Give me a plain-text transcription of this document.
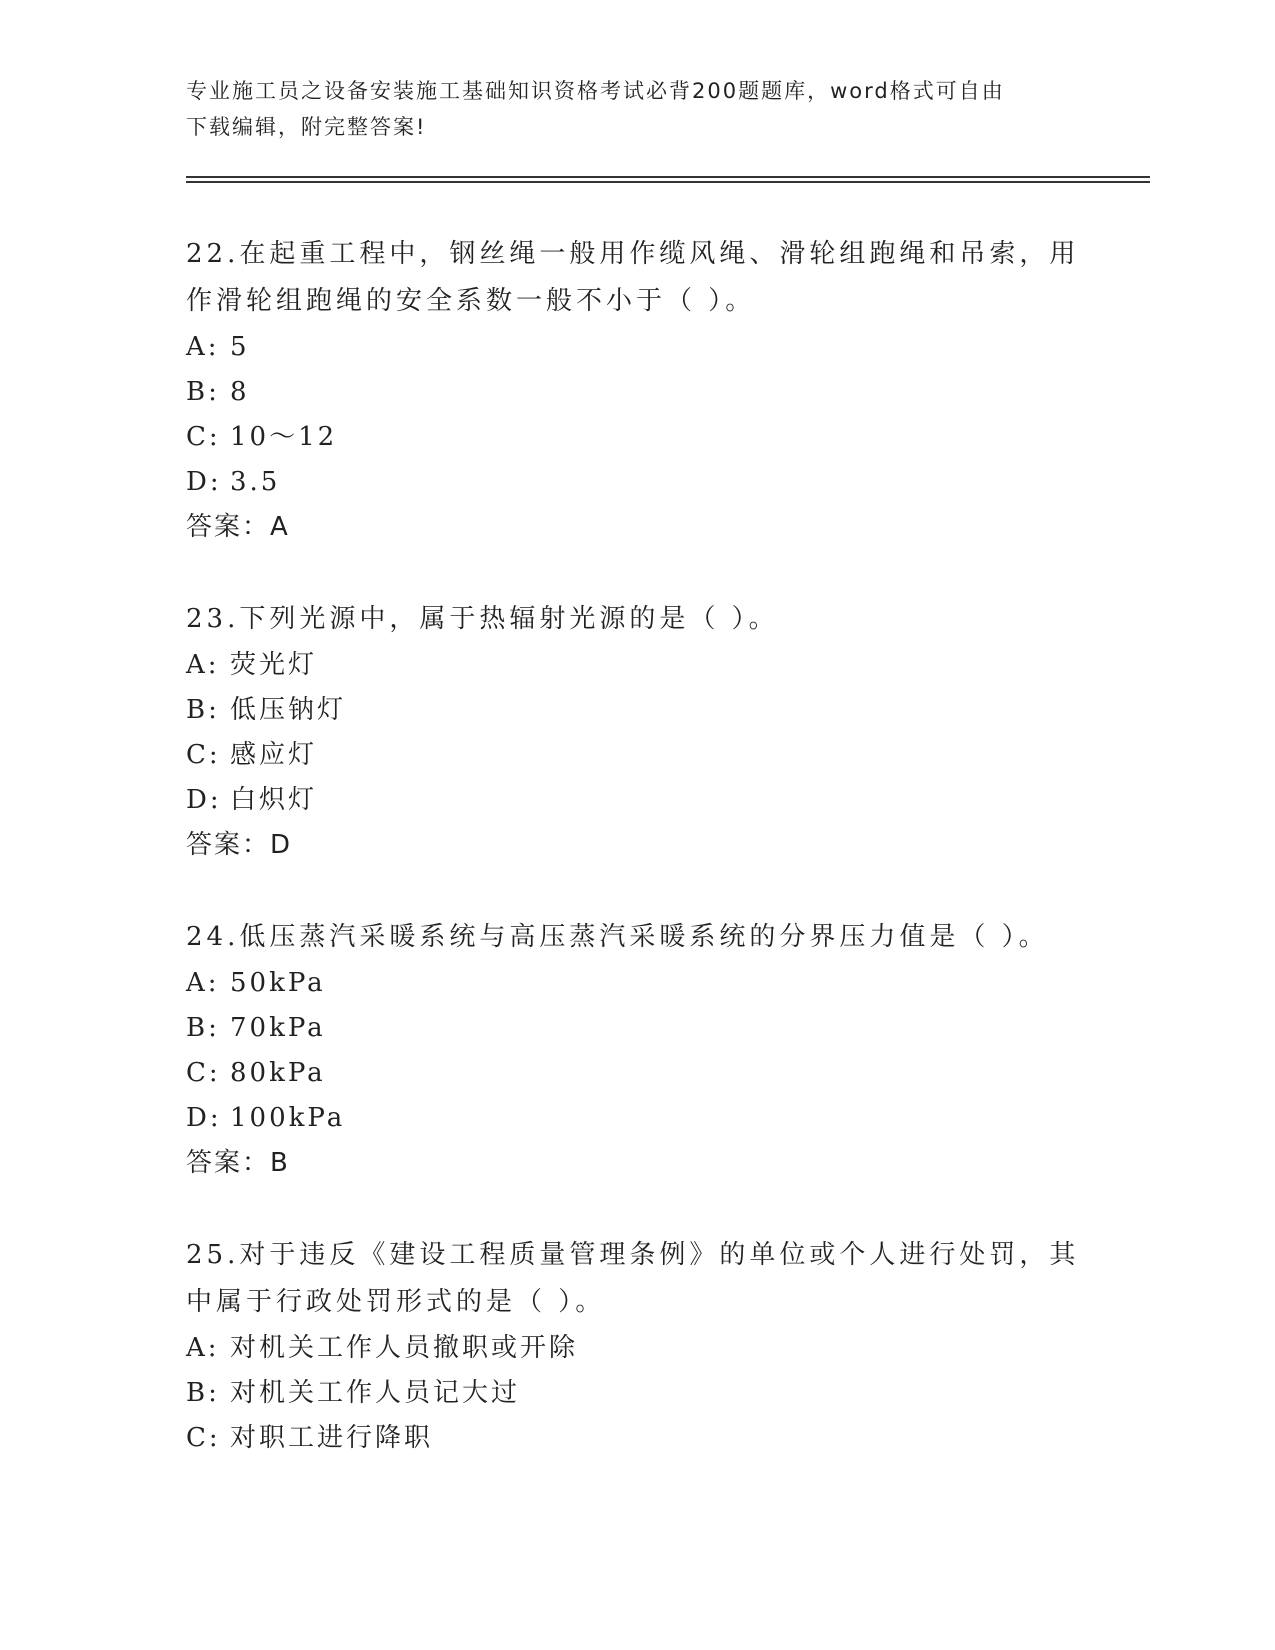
专业施工员之设备安装施工基础知识资格考试必背200题题库，word格式可自由
下载编辑，附完整答案!

22.在起重工程中，钢丝绳一般用作缆风绳、滑轮组跑绳和吊索，用作滑轮组跑绳的安全系数一般不小于（ ）。

A: 5

B: 8

C: 10～12

D: 3.5

答案：A

23.下列光源中，属于热辐射光源的是（ ）。

A: 荧光灯

B: 低压钠灯

C: 感应灯

D: 白炽灯

答案：D

24.低压蒸汽采暖系统与高压蒸汽采暖系统的分界压力值是（ ）。

A: 50kPa

B: 70kPa

C: 80kPa

D: 100kPa

答案：B

25.对于违反《建设工程质量管理条例》的单位或个人进行处罚，其中属于行政处罚形式的是（ ）。

A: 对机关工作人员撤职或开除

B: 对机关工作人员记大过

C: 对职工进行降职
